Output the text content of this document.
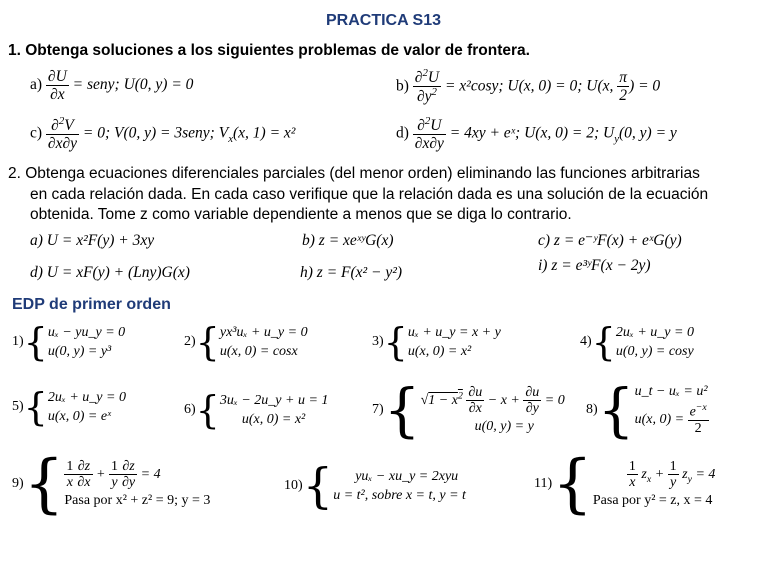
PRACTICA S13
1. Obtenga soluciones a los siguientes problemas de valor de frontera.
$a) \frac{\partial U}{\partial x}$ = seny; U(0, y) = 0	$b) \frac{\partial^2U}{\partial y^2} = x^2\cos y$; U(x, 0) = 0; U(x, $\frac{\pi}{2}$ ) = 0
$c) \frac{\partial^2V}{\partial x\partial y} = 0$; V(0, y) = 3seny; $V_x(x$, 1) = x²	$d) \frac{\partial^2U}{\partial x\partial y} = 4xy$ + eˣ; U(x, 0) = 2; $U_y(0$, y) = y
2. Obtenga ecuaciones diferenciales parciales (del menor orden) eliminando las funciones arbitrarias
en cada relación dada. En cada caso verifique que la relación dada es una solución de la ecuación
obtenida. Tome z como variable dependiente a menos que se diga lo contrario.
a) U = x²F(y) + 3xy	b) z = xeˣʸG(x)	c) z = e⁻ʸF(x) + eˣG(y)
d) U = xF(y) + (Lny)G(x)	h) z = F(x² − y²)	i) z = e³ʸF(x − 2y)
EDP de primer orden
1) { uₓ − yu_y = 0
u(0, y) = y³
2) { yx³uₓ + u_y = 0
u(x, 0) = cosx
3) { uₓ + u_y = x + y
u(x, 0) = x²
4) { 2uₓ + u_y = 0
u(0, y) = cosy
5) { 2uₓ + u_y = 0
u(x, 0) = eˣ	6) { 3uₓ − 2u_y + u = 1
u(x, 0) = x²
7) { $√1 - x^2 \frac{\partial u}{\partial x} - x + \frac{\partial u}{\partial y} = 0$
u(0, y) = y
8) { u_t − uₓ = u²
u(x, $0) = \frac{e^{-x}}{2}$
9) { $\frac{1}{x} \frac{\partial z}{\partial x} + \frac{1}{y} \frac{\partial z}{\partial y} = 4$
Pasa por x² + z² = 9; y = 3
10) {	yuₓ − xu_y = 2xyu
u = t², sobre x = t, y = t
11) { $\frac{1}{x} z_x + \frac{1}{y} z_y = 4$
Pasa por y² = z, x = 4
